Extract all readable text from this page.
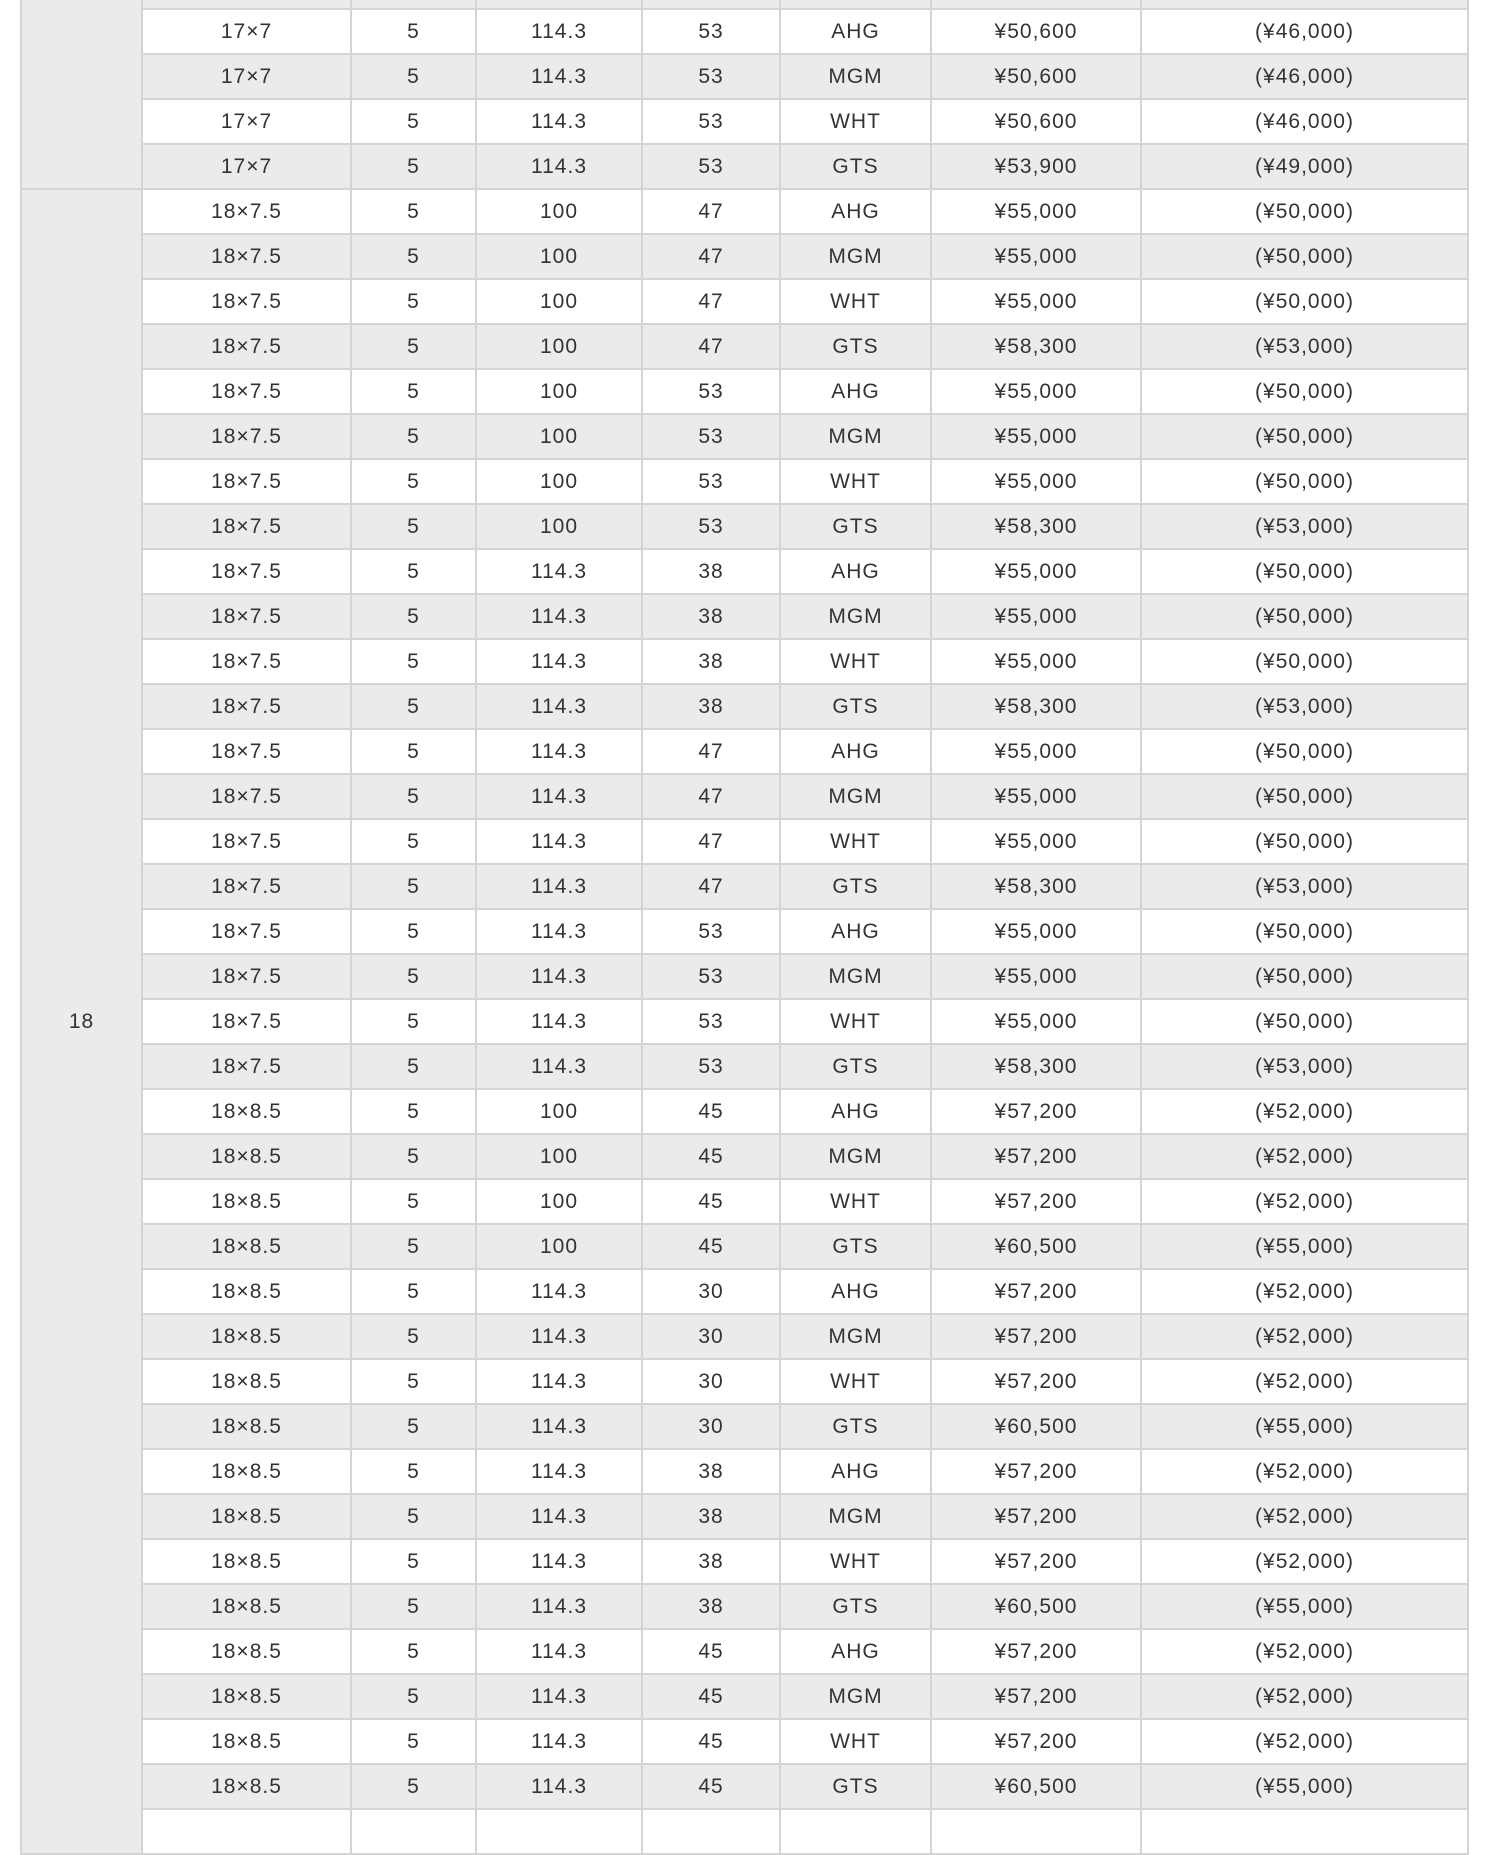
	17×7	5	114.3	53	AHG	¥50,600	(¥46,000)
	17×7	5	114.3	53	MGM	¥50,600	(¥46,000)
	17×7	5	114.3	53	WHT	¥50,600	(¥46,000)
	17×7	5	114.3	53	GTS	¥53,900	(¥49,000)
18	18×7.5	5	100	47	AHG	¥55,000	(¥50,000)
	18×7.5	5	100	47	MGM	¥55,000	(¥50,000)
	18×7.5	5	100	47	WHT	¥55,000	(¥50,000)
	18×7.5	5	100	47	GTS	¥58,300	(¥53,000)
	18×7.5	5	100	53	AHG	¥55,000	(¥50,000)
	18×7.5	5	100	53	MGM	¥55,000	(¥50,000)
	18×7.5	5	100	53	WHT	¥55,000	(¥50,000)
	18×7.5	5	100	53	GTS	¥58,300	(¥53,000)
	18×7.5	5	114.3	38	AHG	¥55,000	(¥50,000)
	18×7.5	5	114.3	38	MGM	¥55,000	(¥50,000)
	18×7.5	5	114.3	38	WHT	¥55,000	(¥50,000)
	18×7.5	5	114.3	38	GTS	¥58,300	(¥53,000)
	18×7.5	5	114.3	47	AHG	¥55,000	(¥50,000)
	18×7.5	5	114.3	47	MGM	¥55,000	(¥50,000)
	18×7.5	5	114.3	47	WHT	¥55,000	(¥50,000)
	18×7.5	5	114.3	47	GTS	¥58,300	(¥53,000)
	18×7.5	5	114.3	53	AHG	¥55,000	(¥50,000)
	18×7.5	5	114.3	53	MGM	¥55,000	(¥50,000)
	18×7.5	5	114.3	53	WHT	¥55,000	(¥50,000)
	18×7.5	5	114.3	53	GTS	¥58,300	(¥53,000)
	18×8.5	5	100	45	AHG	¥57,200	(¥52,000)
	18×8.5	5	100	45	MGM	¥57,200	(¥52,000)
	18×8.5	5	100	45	WHT	¥57,200	(¥52,000)
	18×8.5	5	100	45	GTS	¥60,500	(¥55,000)
	18×8.5	5	114.3	30	AHG	¥57,200	(¥52,000)
	18×8.5	5	114.3	30	MGM	¥57,200	(¥52,000)
	18×8.5	5	114.3	30	WHT	¥57,200	(¥52,000)
	18×8.5	5	114.3	30	GTS	¥60,500	(¥55,000)
	18×8.5	5	114.3	38	AHG	¥57,200	(¥52,000)
	18×8.5	5	114.3	38	MGM	¥57,200	(¥52,000)
	18×8.5	5	114.3	38	WHT	¥57,200	(¥52,000)
	18×8.5	5	114.3	38	GTS	¥60,500	(¥55,000)
	18×8.5	5	114.3	45	AHG	¥57,200	(¥52,000)
	18×8.5	5	114.3	45	MGM	¥57,200	(¥52,000)
	18×8.5	5	114.3	45	WHT	¥57,200	(¥52,000)
	18×8.5	5	114.3	45	GTS	¥60,500	(¥55,000)
